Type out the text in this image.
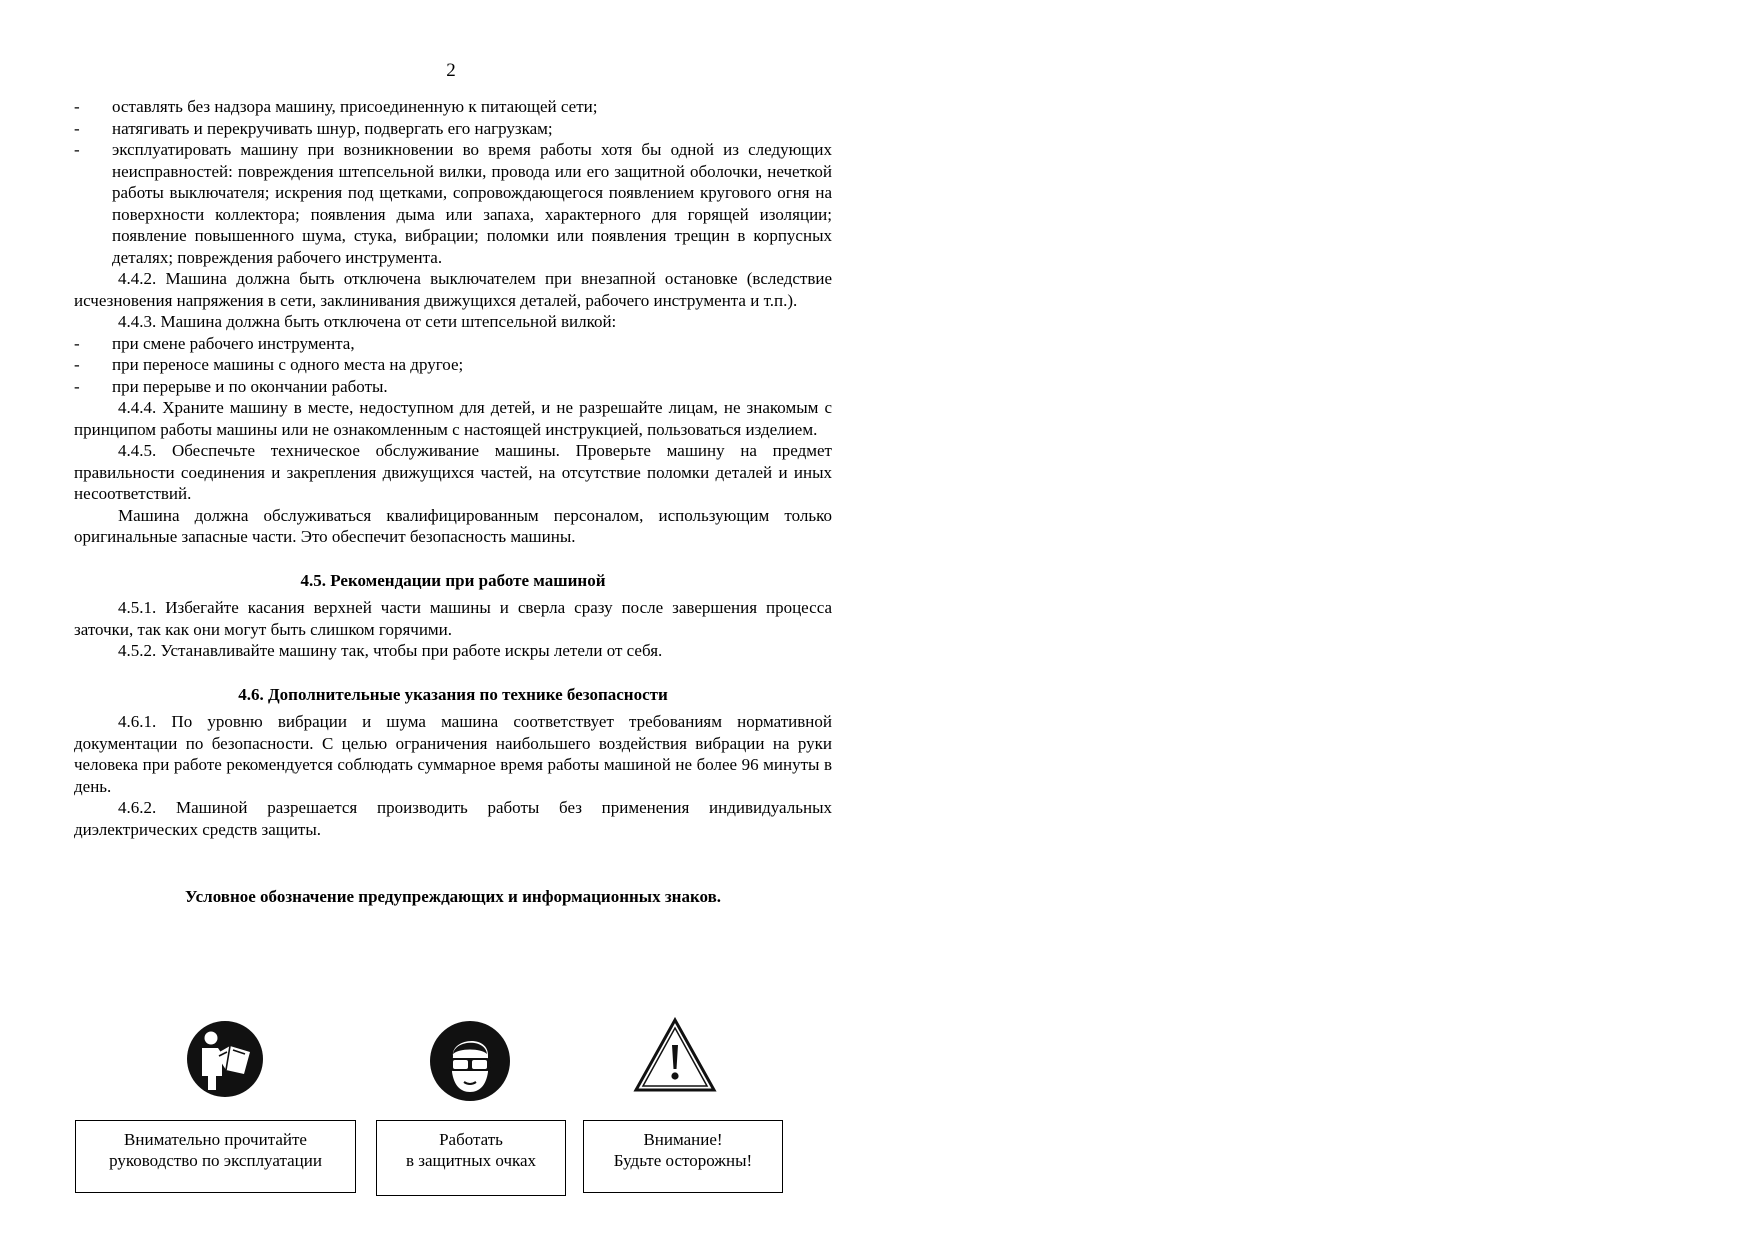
2
- оставлять без надзора машину, присоединенную к питающей сети;
- натягивать и перекручивать шнур, подвергать его нагрузкам;
- эксплуатировать машину при возникновении во время работы хотя бы одной из следующих неисправностей: повреждения штепсельной вилки, провода или его защитной оболочки, нечеткой работы выключателя; искрения под щетками, сопровождающегося появлением кругового огня на поверхности коллектора; появления дыма или запаха, характерного для горящей изоляции; появление повышенного шума, стука, вибрации; поломки или появления трещин в корпусных деталях; повреждения рабочего инструмента.
4.4.2. Машина должна быть отключена выключателем при внезапной остановке (вследствие исчезновения напряжения в сети, заклинивания движущихся деталей, рабочего инструмента и т.п.).
4.4.3. Машина должна быть отключена от сети штепсельной вилкой:
- при смене рабочего инструмента,
- при переносе машины с одного места на другое;
- при перерыве и по окончании работы.
4.4.4. Храните машину в месте, недоступном для детей, и не разрешайте лицам, не знакомым с принципом работы машины или не ознакомленным с настоящей инструкцией, пользоваться изделием.
4.4.5. Обеспечьте техническое обслуживание машины. Проверьте машину на предмет правильности соединения и закрепления движущихся частей, на отсутствие поломки деталей и иных несоответствий.
Машина должна обслуживаться квалифицированным персоналом, использующим только оригинальные запасные части. Это обеспечит безопасность машины.
4.5. Рекомендации при работе машиной
4.5.1. Избегайте касания верхней части машины и сверла сразу после завершения процесса заточки, так как они могут быть слишком горячими.
4.5.2. Устанавливайте машину так, чтобы при работе искры летели от себя.
4.6. Дополнительные указания по технике безопасности
4.6.1. По уровню вибрации и шума машина соответствует требованиям нормативной документации по безопасности. С целью ограничения наибольшего воздействия вибрации на руки человека при работе рекомендуется соблюдать суммарное время работы машиной не более 96 минуты в день.
4.6.2. Машиной разрешается производить работы без применения индивидуальных диэлектрических средств защиты.
Условное обозначение предупреждающих и информационных знаков.
Внимательно прочитайте
руководство по эксплуатации
Работать
в защитных очках
Внимание!
Будьте осторожны!
